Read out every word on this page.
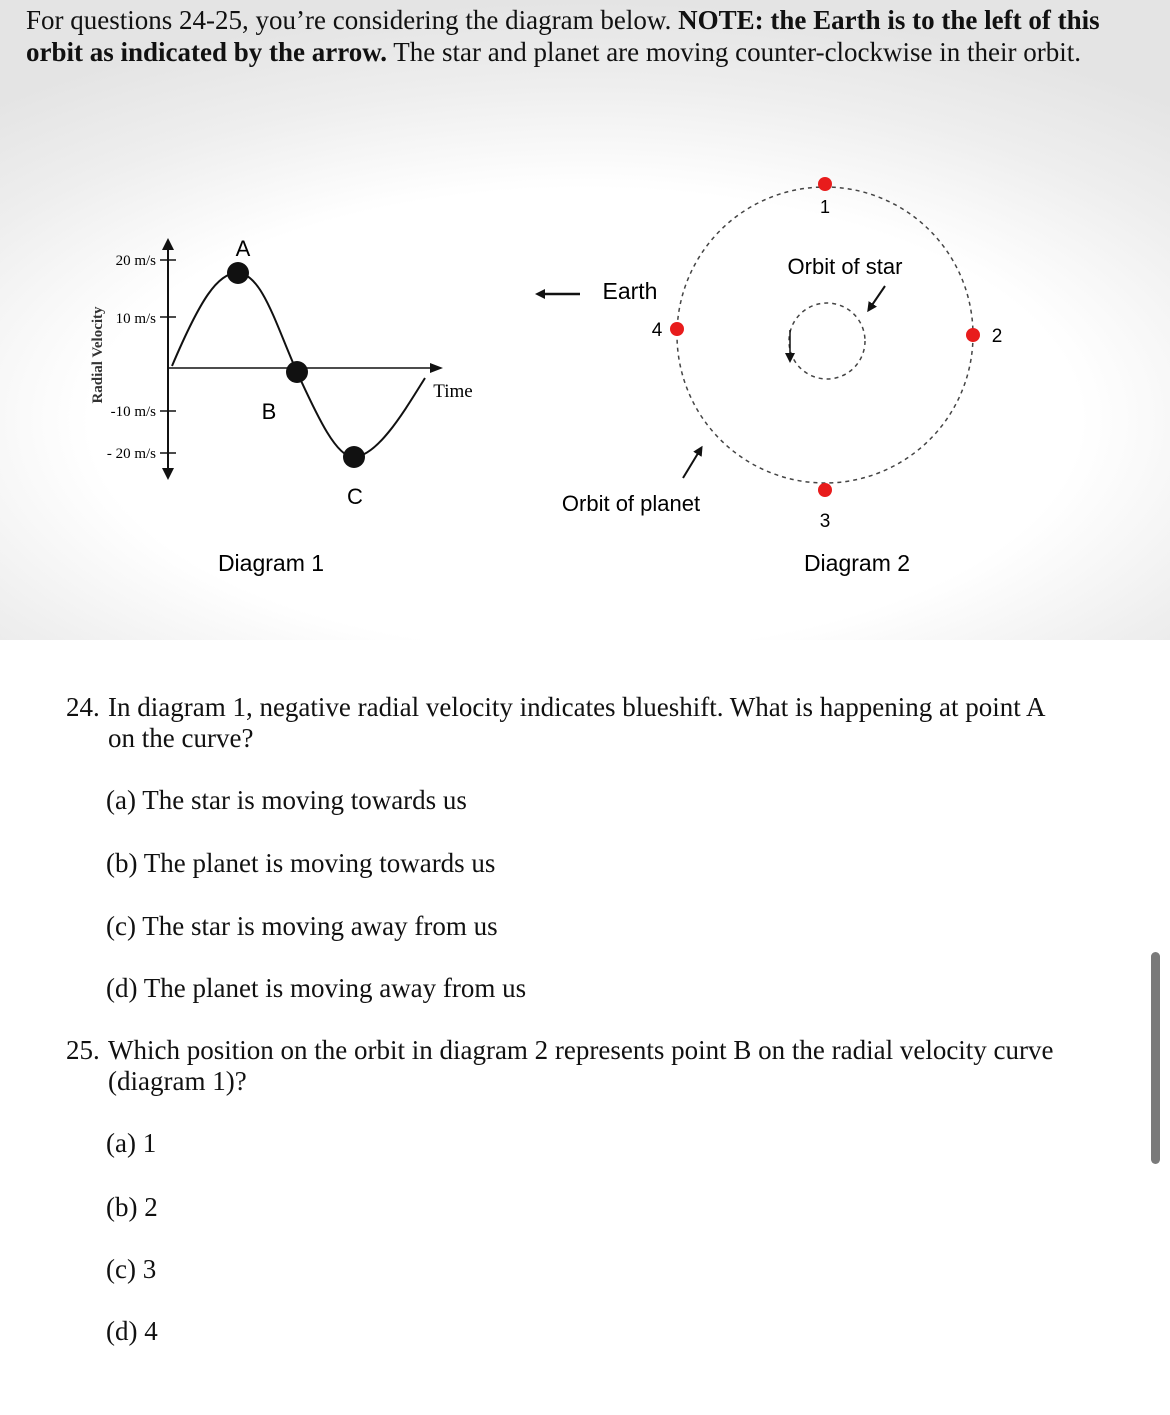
For questions 24-25, you’re considering the diagram below. NOTE: the Earth is to the left of this orbit as indicated by the arrow. The star and planet are moving counter-clockwise in their orbit.
20 m/s
10 m/s
-10 m/s
- 20 m/s
Radial Velocity	Time
A
B
C
Diagram 1
Earth
Orbit of star
Orbit of planet
1
2
3
4
Diagram 2
24. In diagram 1, negative radial velocity indicates blueshift. What is happening at point A
on the curve?
(a) The star is moving towards us
(b) The planet is moving towards us
(c) The star is moving away from us
(d) The planet is moving away from us
25. Which position on the orbit in diagram 2 represents point B on the radial velocity curve
(diagram 1)?
(a) 1
(b) 2
(c) 3
(d) 4
